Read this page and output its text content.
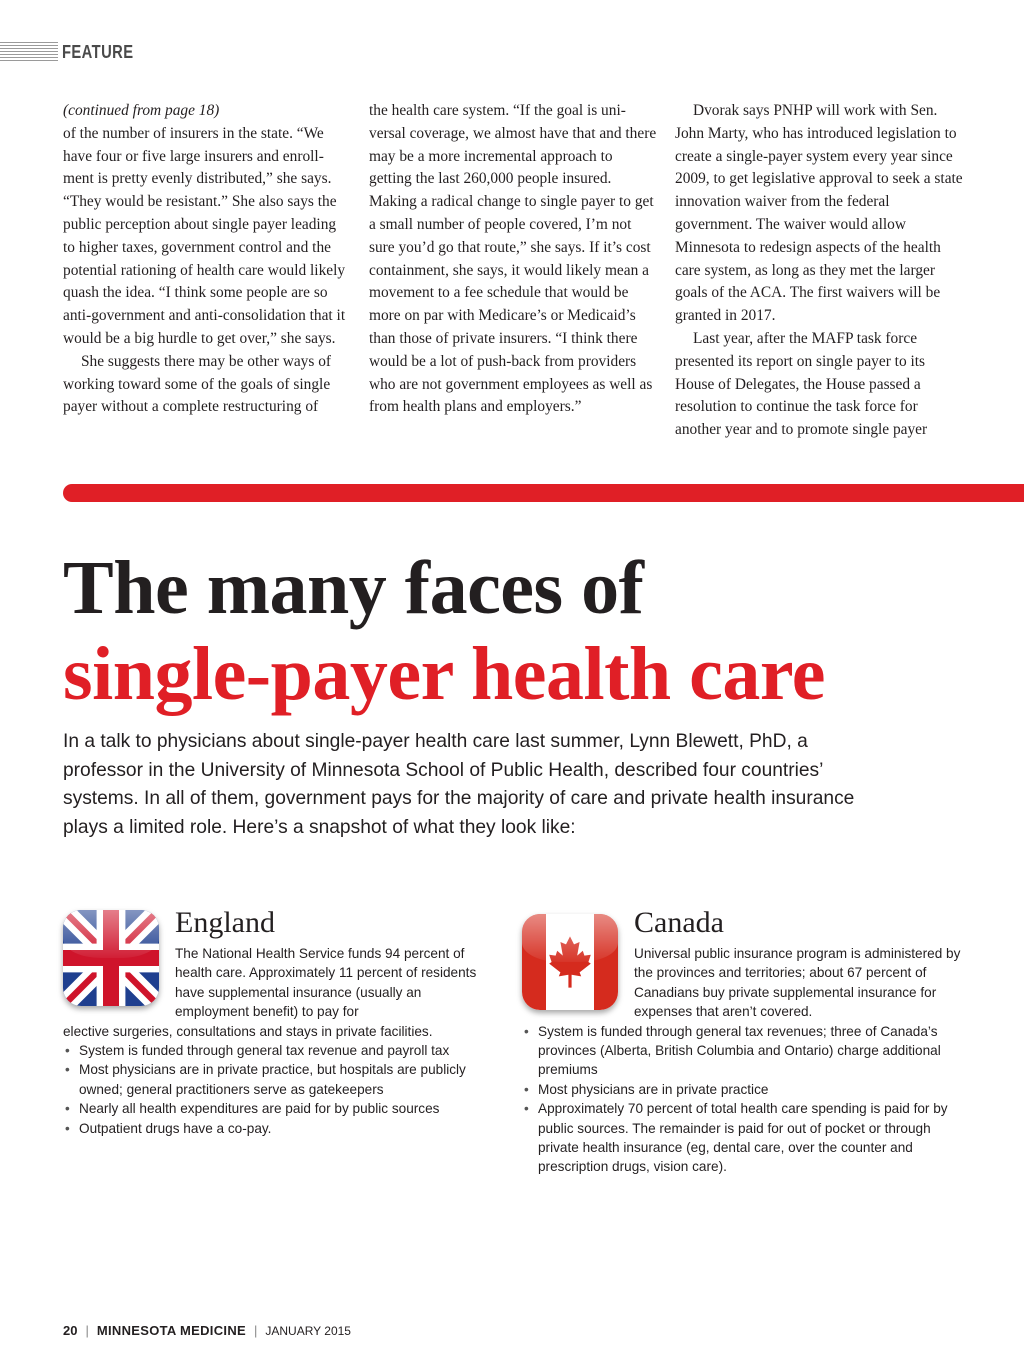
FEATURE

(continued from page 18)

of the number of insurers in the state. “We have four or five large insurers and enrollment is pretty evenly distributed,” she says. “They would be resistant.” She also says the public perception about single payer leading to higher taxes, government control and the potential rationing of health care would likely quash the idea. “I think some people are so anti-government and anti-consolidation that it would be a big hurdle to get over,” she says.

She suggests there may be other ways of working toward some of the goals of single payer without a complete restructuring of

the health care system. “If the goal is universal coverage, we almost have that and there may be a more incremental approach to getting the last 260,000 people insured. Making a radical change to single payer to get a small number of people covered, I’m not sure you’d go that route,” she says. If it’s cost containment, she says, it would likely mean a movement to a fee schedule that would be more on par with Medicare’s or Medicaid’s than those of private insurers. “I think there would be a lot of push-back from providers who are not government employees as well as from health plans and employers.”

Dvorak says PNHP will work with Sen. John Marty, who has introduced legislation to create a single-payer system every year since 2009, to get legislative approval to seek a state innovation waiver from the federal government. The waiver would allow Minnesota to redesign aspects of the health care system, as long as they met the larger goals of the ACA. The first waivers will be granted in 2017.

Last year, after the MAFP task force presented its report on single payer to its House of Delegates, the House passed a resolution to continue the task force for another year and to promote single payer

The many faces of
single-payer health care

In a talk to physicians about single-payer health care last summer, Lynn Blewett, PhD, a professor in the University of Minnesota School of Public Health, described four countries’ systems. In all of them, government pays for the majority of care and private health insurance plays a limited role. Here’s a snapshot of what they look like:

England

The National Health Service funds 94 percent of health care. Approximately 11 percent of residents have supplemental insurance (usually an employment benefit) to pay for

elective surgeries, consultations and stays in private facilities.

• System is funded through general tax revenue and payroll tax
• Most physicians are in private practice, but hospitals are publicly owned; general practitioners serve as gatekeepers
• Nearly all health expenditures are paid for by public sources
• Outpatient drugs have a co-pay.
Canada

Universal public insurance program is administered by the provinces and territories; about 67 percent of Canadians buy private supplemental insurance for expenses that aren’t covered.

• System is funded through general tax revenues; three of Canada’s provinces (Alberta, British Columbia and Ontario) charge additional premiums
• Most physicians are in private practice
• Approximately 70 percent of total health care spending is paid for by public sources. The remainder is paid for out of pocket or through private health insurance (eg, dental care, over the counter and prescription drugs, vision care).
20 | MINNESOTA MEDICINE | JANUARY 2015
